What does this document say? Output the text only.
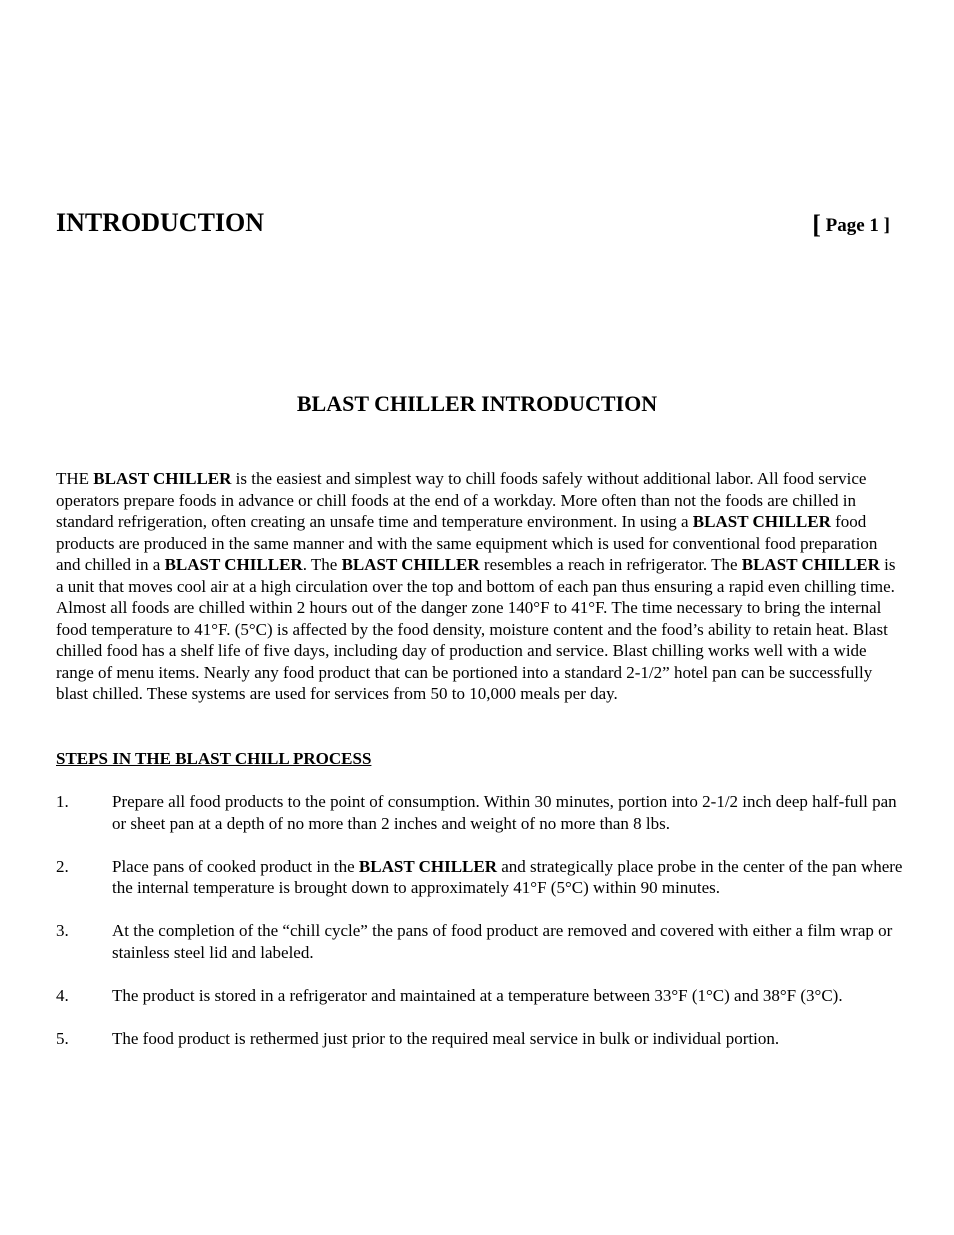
INTRODUCTION	[ Page 1 ]
BLAST CHILLER INTRODUCTION

THE BLAST CHILLER is the easiest and simplest way to chill foods safely without additional labor. All food service operators prepare foods in advance or chill foods at the end of a workday. More often than not the foods are chilled in standard refrigeration, often creating an unsafe time and temperature environment. In using a BLAST CHILLER food products are produced in the same manner and with the same equipment which is used for conventional food preparation and chilled in a BLAST CHILLER. The BLAST CHILLER resembles a reach in refrigerator. The BLAST CHILLER is a unit that moves cool air at a high circulation over the top and bottom of each pan thus ensuring a rapid even chilling time. Almost all foods are chilled within 2 hours out of the danger zone 140°F to 41°F. The time necessary to bring the internal food temperature to 41°F. (5°C) is affected by the food density, moisture content and the food’s ability to retain heat. Blast chilled food has a shelf life of five days, including day of production and service. Blast chilling works well with a wide range of menu items. Nearly any food product that can be portioned into a standard 2-1/2” hotel pan can be successfully blast chilled. These systems are used for services from 50 to 10,000 meals per day.

STEPS IN THE BLAST CHILL PROCESS
1.	Prepare all food products to the point of consumption. Within 30 minutes, portion into 2-1/2 inch deep half-full pan or sheet pan at a depth of no more than 2 inches and weight of no more than 8 lbs.
2.	Place pans of cooked product in the BLAST CHILLER and strategically place probe in the center of the pan where the internal temperature is brought down to approximately 41°F (5°C) within 90 minutes.
3.	At the completion of the “chill cycle” the pans of food product are removed and covered with either a film wrap or stainless steel lid and labeled.
4.	The product is stored in a refrigerator and maintained at a temperature between 33°F (1°C) and 38°F (3°C).
5.	The food product is rethermed just prior to the required meal service in bulk or individual portion.
